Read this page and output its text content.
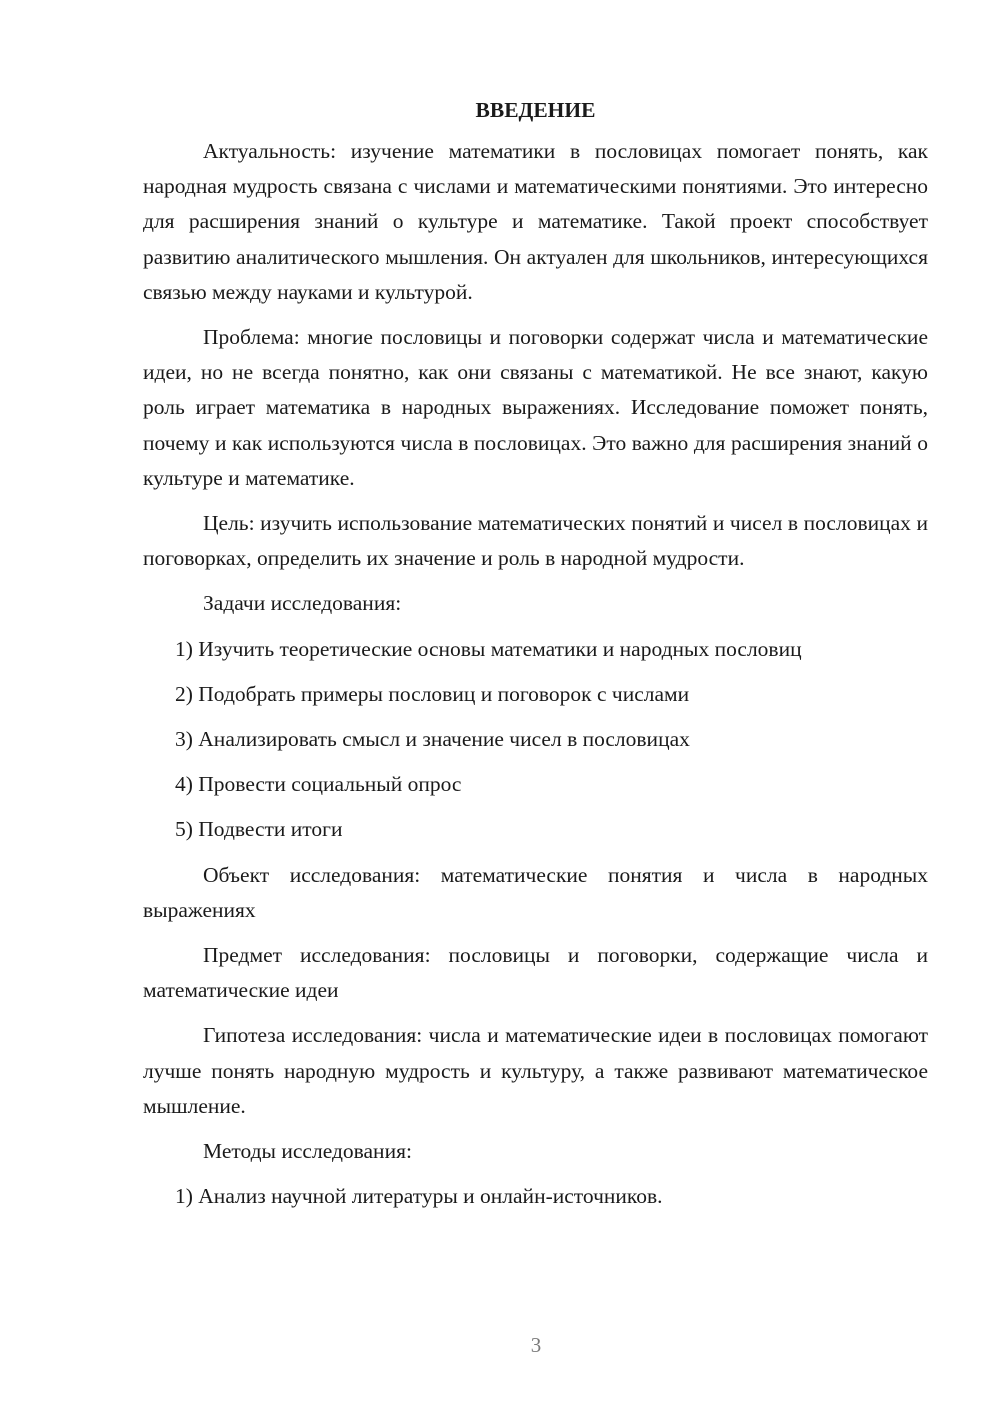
ВВЕДЕНИЕ

Актуальность: изучение математики в пословицах помогает понять, как народная мудрость связана с числами и математическими понятиями. Это интересно для расширения знаний о культуре и математике. Такой проект способствует развитию аналитического мышления. Он актуален для школьников, интересующихся связью между науками и культурой.

Проблема: многие пословицы и поговорки содержат числа и математические идеи, но не всегда понятно, как они связаны с математикой. Не все знают, какую роль играет математика в народных выражениях. Исследование поможет понять, почему и как используются числа в пословицах. Это важно для расширения знаний о культуре и математике.

Цель: изучить использование математических понятий и чисел в пословицах и поговорках, определить их значение и роль в народной мудрости.

Задачи исследования:
1) Изучить теоретические основы математики и народных пословиц
2) Подобрать примеры пословиц и поговорок с числами
3) Анализировать смысл и значение чисел в пословицах
4) Провести социальный опрос
5) Подвести итоги

Объект исследования: математические понятия и числа в народных выражениях

Предмет исследования: пословицы и поговорки, содержащие числа и математические идеи

Гипотеза исследования: числа и математические идеи в пословицах помогают лучше понять народную мудрость и культуру, а также развивают математическое мышление.

Методы исследования:
1) Анализ научной литературы и онлайн-источников.
3
